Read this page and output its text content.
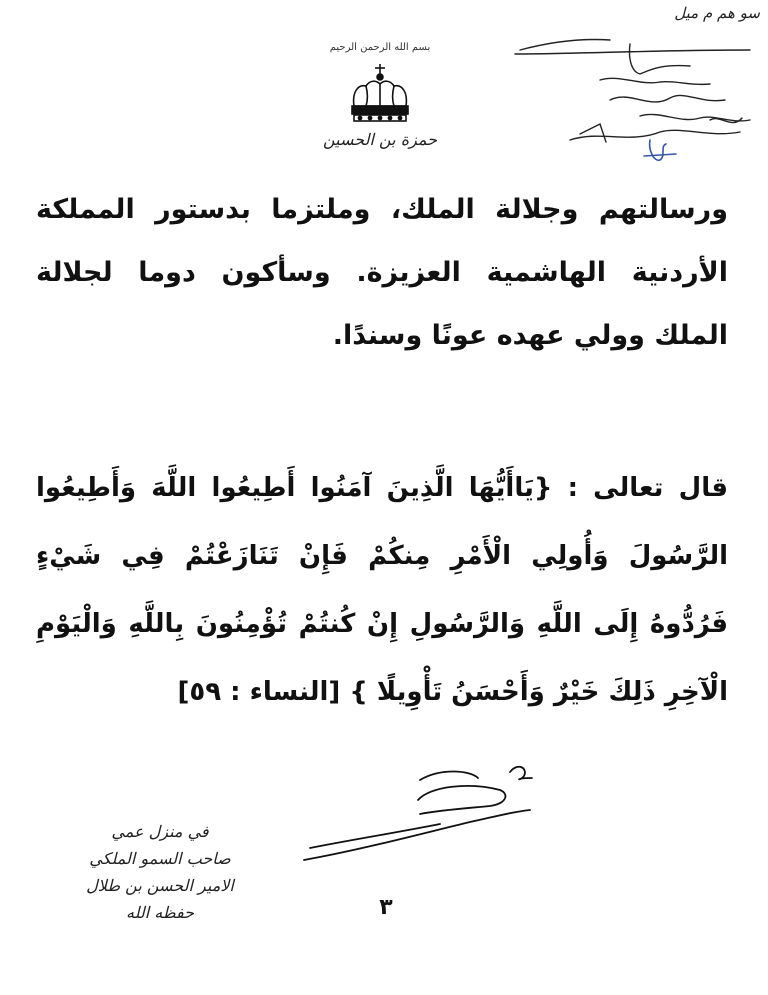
بسم الله الرحمن الرحيم
حمزة بن الحسين
سو هم م ميل

ورسالتهم وجلالة الملك، وملتزما بدستور المملكة الأردنية الهاشمية العزيزة. وسأكون دوما لجلالة الملك وولي عهده عونًا وسندًا.

قال تعالى : {يَاأَيُّهَا الَّذِينَ آمَنُوا أَطِيعُوا اللَّهَ وَأَطِيعُوا الرَّسُولَ وَأُولِي الْأَمْرِ مِنكُمْ فَإِنْ تَنَازَعْتُمْ فِي شَيْءٍ فَرُدُّوهُ إِلَى اللَّهِ وَالرَّسُولِ إِنْ كُنتُمْ تُؤْمِنُونَ بِاللَّهِ وَالْيَوْمِ الْآخِرِ ذَلِكَ خَيْرٌ وَأَحْسَنُ تَأْوِيلًا } [النساء : ٥٩]

في منزل عمي
صاحب السمو الملكي
الامير الحسن بن طلال
حفظه الله	٣
